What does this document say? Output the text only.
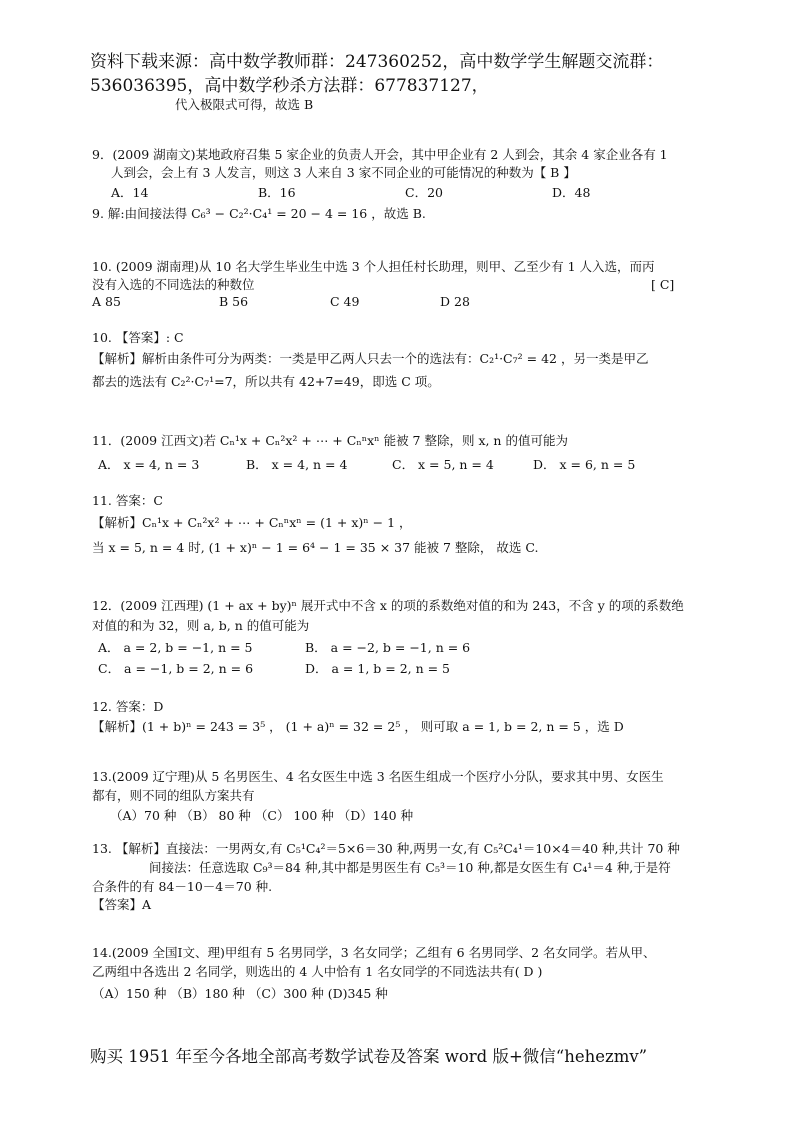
资料下载来源：高中数学教师群：247360252，高中数学学生解题交流群：
536036395，高中数学秒杀方法群：677837127，
代入极限式可得，故选 B
9．(2009 湖南文)某地政府召集 5 家企业的负责人开会，其中甲企业有 2 人到会，其余 4 家企业各有 1
人到会，会上有 3 人发言，则这 3 人来自 3 家不同企业的可能情况的种数为【 B 】
A．14	B．16	C．20	D．48
9. 解:由间接法得 C₆³ − C₂²·C₄¹ = 20 − 4 = 16 ，故选 B.
10. (2009 湖南理)从 10 名大学生毕业生中选 3 个人担任村长助理，则甲、乙至少有 1 人入选，而丙
没有入选的不同选法的种数位	[ C]
A 85	B 56	C 49	D 28
10. 【答案】: C
【解析】解析由条件可分为两类：一类是甲乙两人只去一个的选法有：C₂¹·C₇² = 42 ，另一类是甲乙
都去的选法有 C₂²·C₇¹=7，所以共有 42+7=49，即选 C 项。
11．(2009 江西文)若 Cₙ¹x + Cₙ²x² + ⋯ + Cₙⁿxⁿ 能被 7 整除，则 x, n 的值可能为
A． x = 4, n = 3	B． x = 4, n = 4	C． x = 5, n = 4	D． x = 6, n = 5
11. 答案：C
【解析】Cₙ¹x + Cₙ²x² + ⋯ + Cₙⁿxⁿ = (1 + x)ⁿ − 1 ，
当 x = 5, n = 4 时, (1 + x)ⁿ − 1 = 6⁴ − 1 = 35 × 37 能被 7 整除， 故选 C.
12．(2009 江西理) (1 + ax + by)ⁿ 展开式中不含 x 的项的系数绝对值的和为 243，不含 y 的项的系数绝
对值的和为 32，则 a, b, n 的值可能为
A． a = 2, b = −1, n = 5	B． a = −2, b = −1, n = 6
C． a = −1, b = 2, n = 6	D． a = 1, b = 2, n = 5
12. 答案：D
【解析】(1 + b)ⁿ = 243 = 3⁵ ， (1 + a)ⁿ = 32 = 2⁵ ， 则可取 a = 1, b = 2, n = 5 ，选 D
13.(2009 辽宁理)从 5 名男医生、4 名女医生中选 3 名医生组成一个医疗小分队，要求其中男、女医生
都有，则不同的组队方案共有
（A）70 种 （B） 80 种 （C） 100 种 （D）140 种
13. 【解析】直接法：一男两女,有 C₅¹C₄²＝5×6＝30 种,两男一女,有 C₅²C₄¹＝10×4＝40 种,共计 70 种
间接法：任意选取 C₉³＝84 种,其中都是男医生有 C₅³＝10 种,都是女医生有 C₄¹＝4 种,于是符
合条件的有 84－10－4＝70 种.
【答案】A
14.(2009 全国Ⅰ文、理)甲组有 5 名男同学，3 名女同学；乙组有 6 名男同学、2 名女同学。若从甲、
乙两组中各选出 2 名同学，则选出的 4 人中恰有 1 名女同学的不同选法共有( D )
（A）150 种 （B）180 种 （C）300 种 (D)345 种
购买 1951 年至今各地全部高考数学试卷及答案 word 版+微信“hehezmv”
